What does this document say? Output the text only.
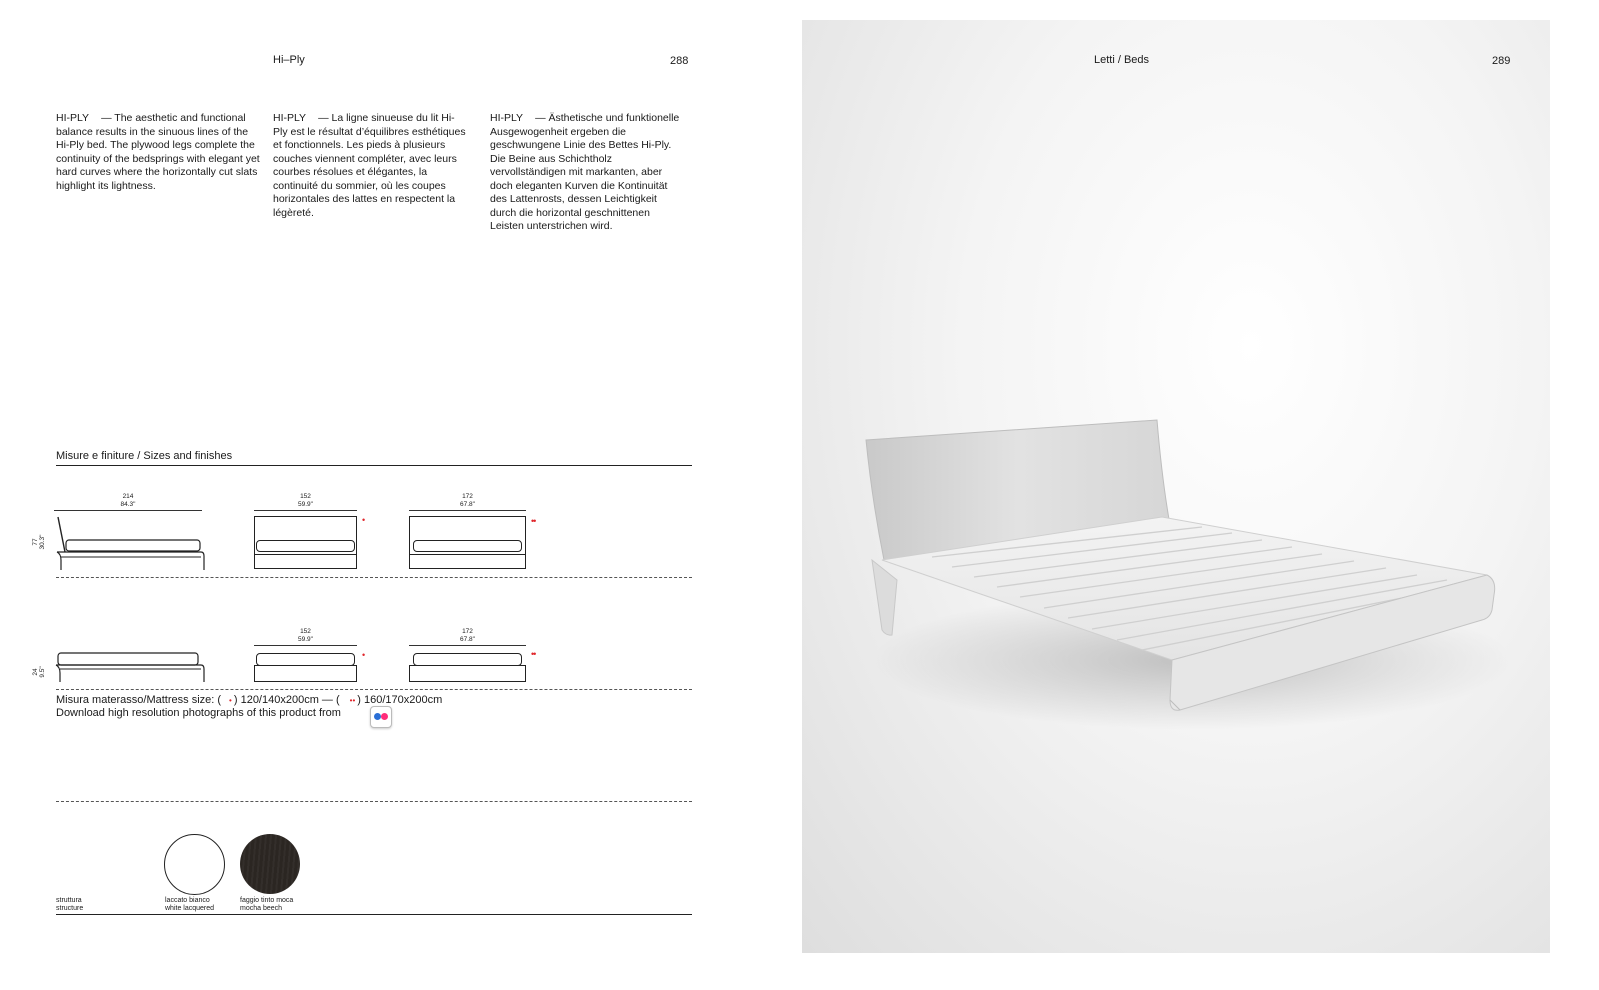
Hi–Ply	288
HI-PLY — The aesthetic and functional balance results in the sinuous lines of the Hi-Ply bed. The plywood legs complete the continuity of the bedsprings with elegant yet hard curves where the horizontally cut slats highlight its lightness.
HI-PLY — La ligne sinueuse du lit Hi-Ply est le résultat d’équilibres esthétiques et fonctionnels. Les pieds à plusieurs couches viennent compléter, avec leurs courbes résolues et élégantes, la continuité du sommier, où les coupes horizontales des lattes en respectent la légèreté.
HI-PLY — Ästhetische und funktionelle Ausgewogenheit ergeben die geschwungene Linie des Bettes Hi-Ply. Die Beine aus Schichtholz vervollständigen mit markanten, aber doch eleganten Kurven die Kontinuität des Lattenrosts, dessen Leichtigkeit durch die horizontal geschnittenen Leisten unterstrichen wird.
Misure e finiture / Sizes and finishes
214
84.3"
77 30.3"
152
59.9"
•
172
67.8"
••
24 9.5"
152
59.9"
•
172
67.8"
••
Misura materasso/Mattress size: ( • ) 120/140x200cm — ( •• ) 160/170x200cm
Download high resolution photographs of this product from
struttura
structure
laccato bianco
white lacquered
faggio tinto moca
mocha beech
Letti / Beds	289
